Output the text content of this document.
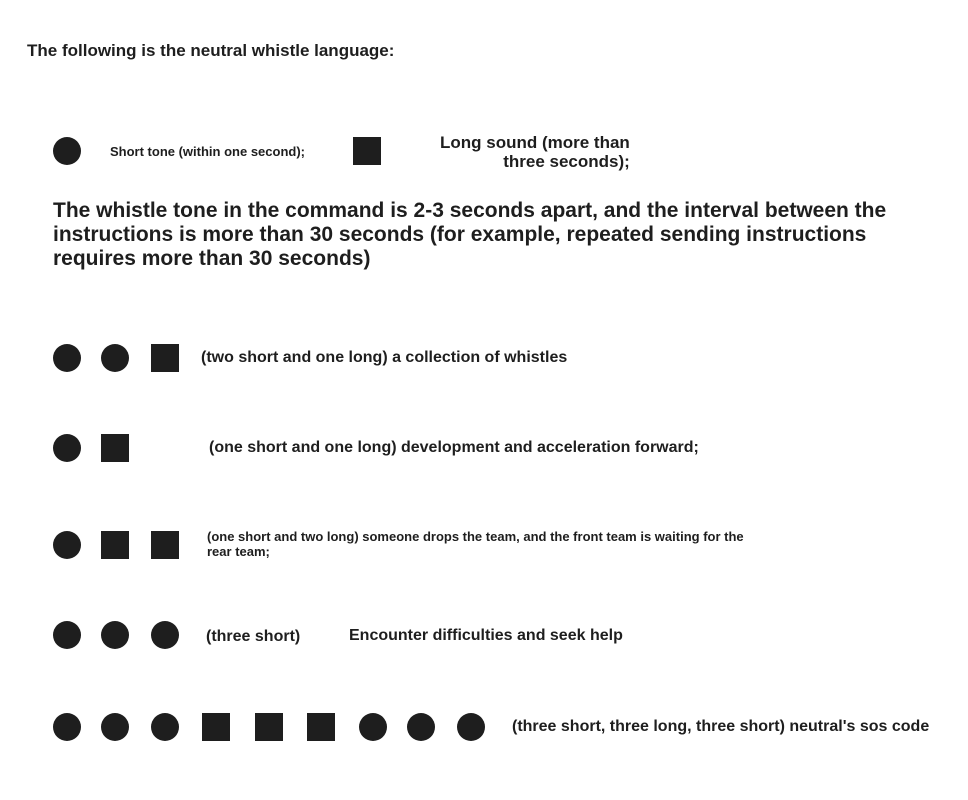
The following is the neutral whistle language:
Short tone (within one second);	Long sound (more than
three seconds);
The whistle tone in the command is 2-3 seconds apart, and the interval between the instructions is more than 30 seconds (for example, repeated sending instructions requires more than 30 seconds)
(two short and one long) a collection of whistles
(one short and one long) development and acceleration forward;
(one short and two long) someone drops the team, and the front team is waiting for the rear team;
(three short)	Encounter difficulties and seek help
(three short, three long, three short) neutral's sos code
